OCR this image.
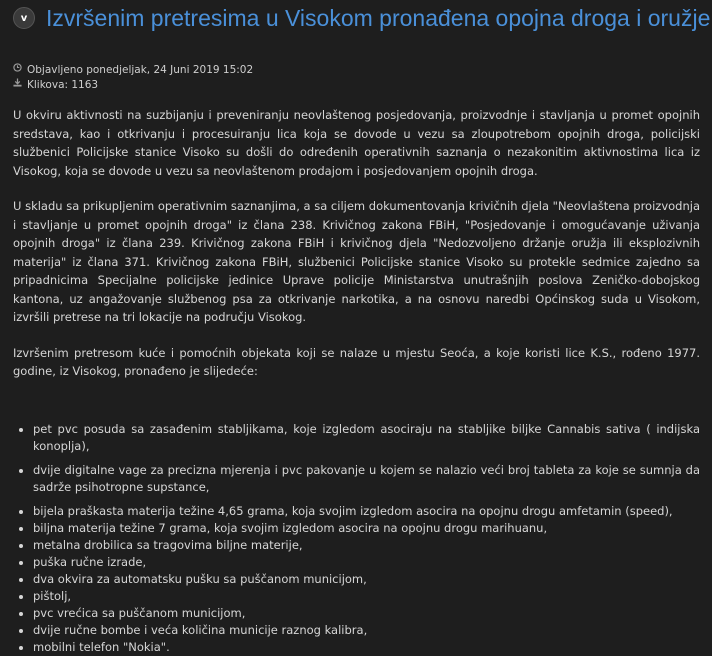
v Izvršenim pretresima u Visokom pronađena opojna droga i oružje
Objavljeno ponedjeljak, 24 Juni 2019 15:02
Klikova: 1163

U okviru aktivnosti na suzbijanju i preveniranju neovlaštenog posjedovanja, proizvodnje i stavljanja u promet opojnih sredstava, kao i otkrivanju i procesuiranju lica koja se dovode u vezu sa zloupotrebom opojnih droga, policijski službenici Policijske stanice Visoko su došli do određenih operativnih saznanja o nezakonitim aktivnostima lica iz Visokog, koja se dovode u vezu sa neovlaštenom prodajom i posjedovanjem opojnih droga.

U skladu sa prikupljenim operativnim saznanjima, a sa ciljem dokumentovanja krivičnih djela "Neovlaštena proizvodnja i stavljanje u promet opojnih droga" iz člana 238. Krivičnog zakona FBiH, "Posjedovanje i omogućavanje uživanja opojnih droga" iz člana 239. Krivičnog zakona FBiH i krivičnog djela "Nedozvoljeno držanje oružja ili eksplozivnih materija" iz člana 371. Krivičnog zakona FBiH, službenici Policijske stanice Visoko su protekle sedmice zajedno sa pripadnicima Specijalne policijske jedinice Uprave policije Ministarstva unutrašnjih poslova Zeničko-dobojskog kantona, uz angažovanje službenog psa za otkrivanje narkotika, a na osnovu naredbi Općinskog suda u Visokom, izvršili pretrese na tri lokacije na području Visokog.

Izvršenim pretresom kuće i pomoćnih objekata koji se nalaze u mjestu Seoća, a koje koristi lice K.S., rođeno 1977. godine, iz Visokog, pronađeno je slijedeće:

pet pvc posuda sa zasađenim stabljikama, koje izgledom asociraju na stabljike biljke Cannabis sativa ( indijska konoplja),
dvije digitalne vage za precizna mjerenja i pvc pakovanje u kojem se nalazio veći broj tableta za koje se sumnja da sadrže psihotropne supstance,
bijela praškasta materija težine 4,65 grama, koja svojim izgledom asocira na opojnu drogu amfetamin (speed),
biljna materija težine 7 grama, koja svojim izgledom asocira na opojnu drogu marihuanu,
metalna drobilica sa tragovima biljne materije,
puška ručne izrade,
dva okvira za automatsku pušku sa puščanom municijom,
pištolj,
pvc vrećica sa puščanom municijom,
dvije ručne bombe i veća količina municije raznog kalibra,
mobilni telefon "Nokia".
